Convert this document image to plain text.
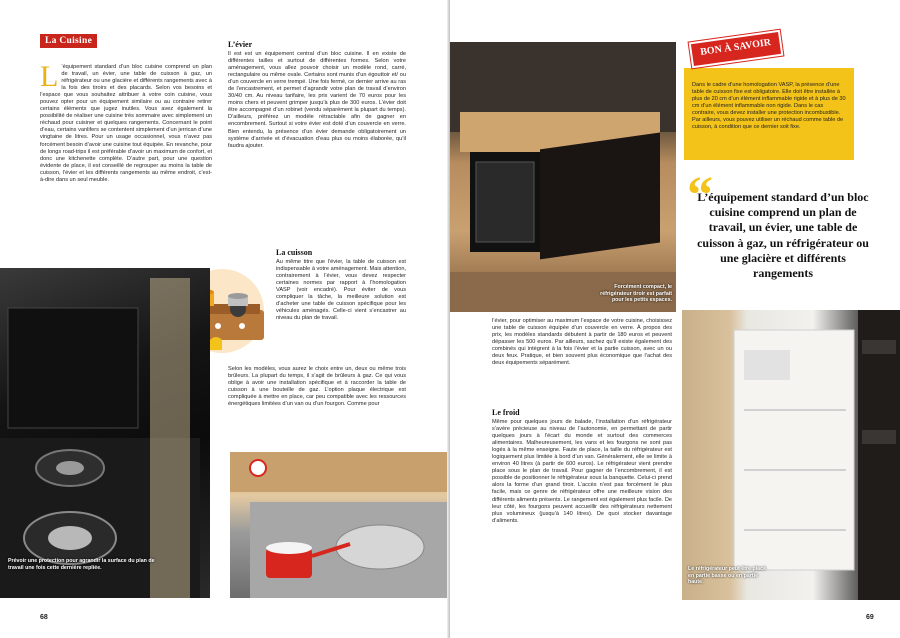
La Cuisine
L ’équipement standard d’un bloc cuisine comprend un plan de travail, un évier, une table de cuisson à gaz, un réfrigérateur ou une glacière et différents rangements avec à la fois des tiroirs et des placards. Selon vos besoins et l’espace que vous souhaitez attribuer à votre coin cuisine, vous pouvez opter pour un équipement similaire ou au contraire retirer certains éléments que jugez inutiles. Vous avez également la possibilité de réaliser une cuisine très sommaire avec simplement un réchaud pour cuisiner et quelques rangements. Concernant le point d’eau, certains vanlifers se contentent simplement d’un jerrican d’une vingtaine de litres. Pour un usage occasionnel, vous n’avez pas forcément besoin d’avoir une cuisine tout équipée. En revanche, pour de longs road-trips il est préférable d’avoir un maximum de confort, et donc une kitchenette complète. D’autre part, pour une question évidente de place, il est conseillé de regrouper au moins la table de cuisson, l’évier et les différents rangements au même endroit, c’est-à-dire dans un seul meuble.

L’évier

Il est est un équipement central d’un bloc cuisine. Il en existe de différentes tailles et surtout de différentes formes. Selon votre aménagement, vous allez pouvoir choisir un modèle rond, carré, rectangulaire ou même ovale. Certains sont munis d’un égouttoir et/ ou d’un couvercle en verre trempé. Une fois fermé, ce dernier arrive au ras de l’encastrement, et permet d’agrandir votre plan de travail d’environ 30/40 cm. Au niveau tarifaire, les prix varient de 70 euros pour les moins chers et peuvent grimper jusqu’à plus de 300 euros. L’évier doit être accompagné d’un robinet (vendu séparément la plupart du temps). D’ailleurs, préférez un modèle rétractable afin de gagner en encombrement. Surtout si votre évier est doté d’un couvercle en verre. Bien entendu, la présence d’un évier demande obligatoirement un système d’arrivée et d’évacuation d’eau plus ou moins élaborée, qu’il faudra ajouter.

La cuisson

Au même titre que l’évier, la table de cuisson est indispensable à votre aménagement. Mais attention, contrairement à l’évier, vous devez respecter certaines normes par rapport à l’homologation VASP (voir encadré). Pour éviter de vous compliquer la tâche, la meilleure solution est d’acheter une table de cuisson spécifique pour les véhicules aménagés. Celle-ci vient s’encastrer au niveau du plan de travail.

Selon les modèles, vous aurez le choix entre un, deux ou même trois brûleurs. La plupart du temps, il s’agit de brûleurs à gaz. Ce qui vous oblige à avoir une installation spécifique et à raccorder la table de cuisson à une bouteille de gaz. L’option plaque électrique est compliquée à mettre en place, car peu compatible avec les ressources énergétiques limitées d’un van ou d’un fourgon. Comme pour

Prévoir une protection pour agrandir la surface du plan de travail une fois cette dernière repliée.
68
Forcément compact, le réfrigérateur tiroir est parfait pour les petits espaces.
Dans le cadre d’une homologation VASP, la présence d’une table de cuisson fixe est obligatoire. Elle doit être installée à plus de 20 cm d’un élément inflammable rigide et à plus de 30 cm d’un élément inflammable non rigide. Dans le cas contraire, vous devez installer une protection incombustible. Par ailleurs, vous pouvez utiliser un réchaud comme table de cuisson, à condition que ce dernier soit fixe.
BON À SAVOIR
“
L’équipement standard d’un bloc cuisine comprend un plan de travail, un évier, une table de cuisson à gaz, un réfrigérateur ou une glacière et différents rangements

l’évier, pour optimiser au maximum l’espace de votre cuisine, choisissez une table de cuisson équipée d’un couvercle en verre. À propos des prix, les modèles standards débutent à partir de 180 euros et peuvent dépasser les 500 euros. Par ailleurs, sachez qu’il existe également des combinés qui intègrent à la fois l’évier et la partie cuisson, avec un ou deux feux. Pratique, et bien souvent plus économique que l’achat des deux équipements séparément.

Le froid

Même pour quelques jours de balade, l’installation d’un réfrigérateur s’avère précieuse au niveau de l’autonomie, en permettant de partir quelques jours à l’écart du monde et surtout des commerces alimentaires. Malheureusement, les vans et les fourgons ne sont pas logés à la même enseigne. Faute de place, la taille du réfrigérateur est logiquement plus limitée à bord d’un van. Généralement, elle se limite à environ 40 litres (à partir de 600 euros). Le réfrigérateur vient prendre place sous le plan de travail. Pour gagner de l’encombrement, il est possible de positionner le réfrigérateur sous la banquette. Celui-ci prend alors la forme d’un grand tiroir. L’accès n’est pas forcément le plus facile, mais ce genre de réfrigérateur offre une meilleure vision des différents aliments présents. Le rangement est également plus facile. De leur côté, les fourgons peuvent accueillir des réfrigérateurs nettement plus volumineux (jusqu’à 140 litres). De quoi stocker davantage d’aliments.

Le réfrigérateur peut être placé en partie basse ou en partie haute.
69
